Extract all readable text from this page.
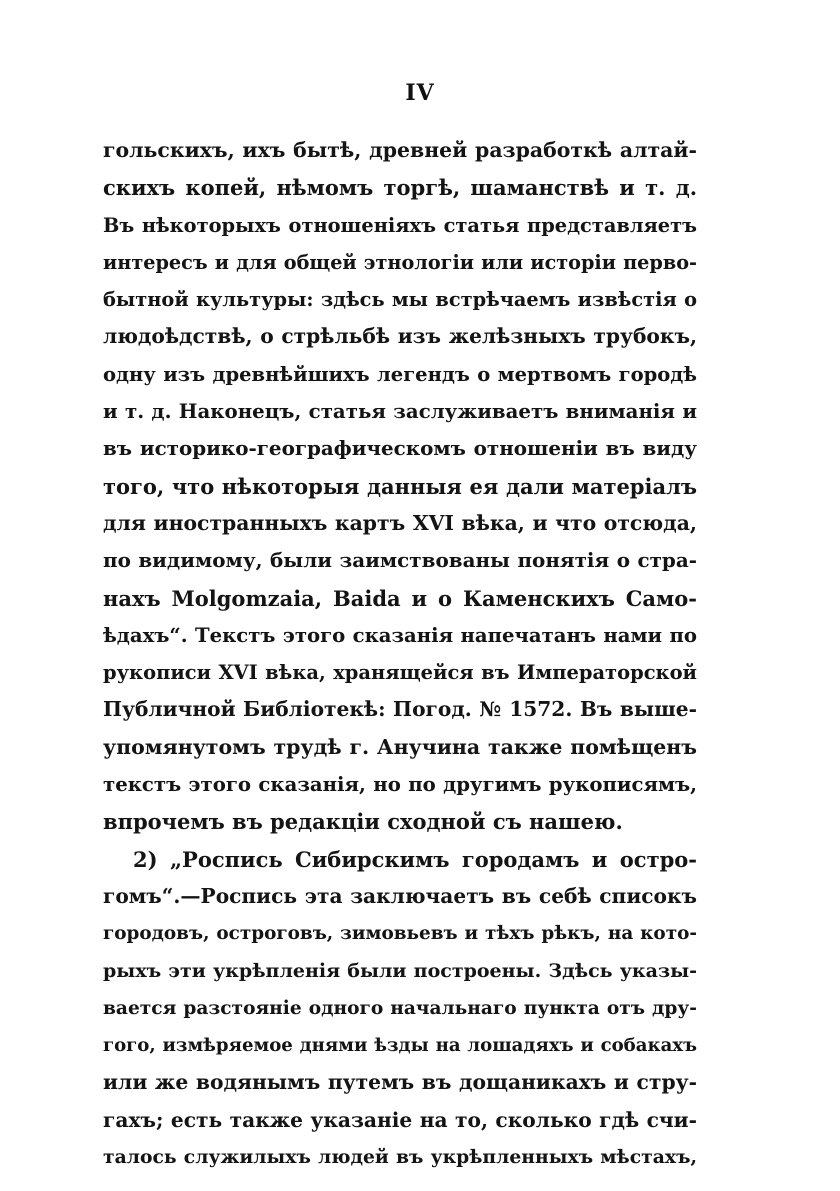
IV
гольскихъ, ихъ бытѣ, древней разработкѣ алтай-
скихъ копей, нѣмомъ торгѣ, шаманствѣ и т. д.
Въ нѣкоторыхъ отношеніяхъ статья представляетъ
интересъ и для общей этнологіи или исторіи перво-
бытной культуры: здѣсь мы встрѣчаемъ извѣстія о
людоѣдствѣ, о стрѣльбѣ изъ желѣзныхъ трубокъ,
одну изъ древнѣйшихъ легендъ о мертвомъ городѣ
и т. д. Наконецъ, статья заслуживаетъ вниманія и
въ историко-географическомъ отношеніи въ виду
того, что нѣкоторыя данныя ея дали матеріалъ
для иностранныхъ картъ XVI вѣка, и что отсюда,
по видимому, были заимствованы понятія о стра-
нахъ Molgomzaia, Baida и о Каменскихъ Само-
ѣдахъ“. Текстъ этого сказанія напечатанъ нами по
рукописи XVI вѣка, хранящейся въ Императорской
Публичной Библіотекѣ: Погод. № 1572. Въ выше-
упомянутомъ трудѣ г. Анучина также помѣщенъ
текстъ этого сказанія, но по другимъ рукописямъ,
впрочемъ въ редакціи сходной съ нашею.
2) „Роспись Сибирскимъ городамъ и остро-
гомъ“.—Роспись эта заключаетъ въ себѣ списокъ
городовъ, остроговъ, зимовьевъ и тѣхъ рѣкъ, на кото-
рыхъ эти укрѣпленія были построены. Здѣсь указы-
вается разстояніе одного начальнаго пункта отъ дру-
гого, измѣряемое днями ѣзды на лошадяхъ и собакахъ
или же водянымъ путемъ въ дощаникахъ и стру-
гахъ; есть также указаніе на то, сколько гдѣ счи-
талось служилыхъ людей въ укрѣпленныхъ мѣстахъ,
